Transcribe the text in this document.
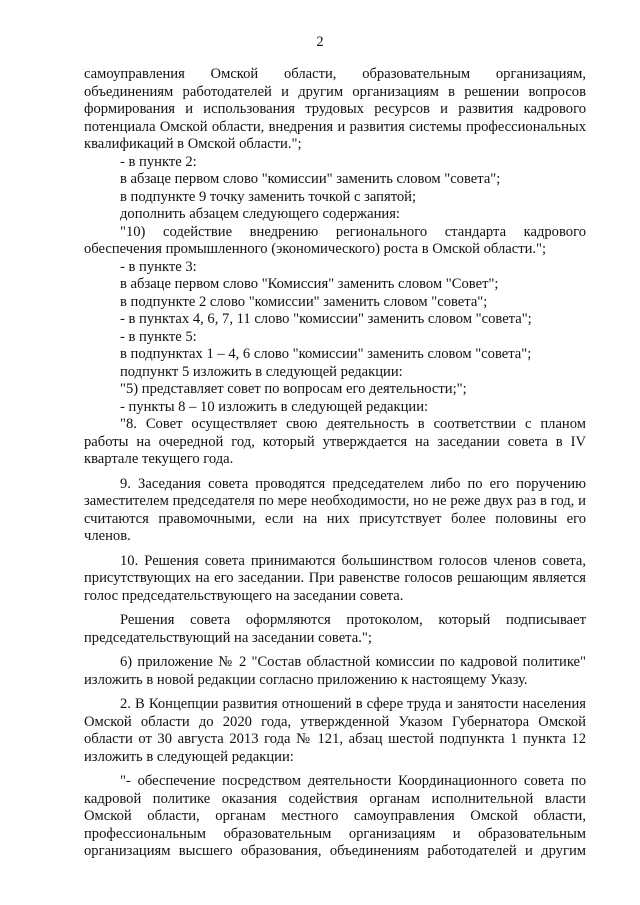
2

самоуправления Омской области, образовательным организациям, объединениям работодателей и другим организациям в решении вопросов формирования и использования трудовых ресурсов и развития кадрового потенциала Омской области, внедрения и развития системы профессиональных квалификаций в Омской области.";

- в пункте 2:

в абзаце первом слово "комиссии" заменить словом "совета";

в подпункте 9 точку заменить точкой с запятой;

дополнить абзацем следующего содержания:

"10) содействие внедрению регионального стандарта кадрового обеспечения промышленного (экономического) роста в Омской области.";

- в пункте 3:

в абзаце первом слово "Комиссия" заменить словом "Совет";

в подпункте 2 слово "комиссии" заменить словом "совета";

- в пунктах 4, 6, 7, 11 слово "комиссии" заменить словом "совета";

- в пункте 5:

в подпунктах 1 – 4, 6 слово "комиссии" заменить словом "совета";

подпункт 5 изложить в следующей редакции:

"5) представляет совет по вопросам его деятельности;";

- пункты 8 – 10 изложить в следующей редакции:

"8. Совет осуществляет свою деятельность в соответствии с планом работы на очередной год, который утверждается на заседании совета в IV квартале текущего года.

9. Заседания совета проводятся председателем либо по его поручению заместителем председателя по мере необходимости, но не реже двух раз в год, и считаются правомочными, если на них присутствует более половины его членов.

10. Решения совета принимаются большинством голосов членов совета, присутствующих на его заседании. При равенстве голосов решающим является голос председательствующего на заседании совета.

Решения совета оформляются протоколом, который подписывает председательствующий на заседании совета.";

6) приложение № 2 "Состав областной комиссии по кадровой политике" изложить в новой редакции согласно приложению к настоящему Указу.

2. В Концепции развития отношений в сфере труда и занятости населения Омской области до 2020 года, утвержденной Указом Губернатора Омской области от 30 августа 2013 года № 121, абзац шестой подпункта 1 пункта 12 изложить в следующей редакции:

"- обеспечение посредством деятельности Координационного совета по кадровой политике оказания содействия органам исполнительной власти Омской области, органам местного самоуправления Омской области, профессиональным образовательным организациям и образовательным организациям высшего образования, объединениям работодателей и другим
